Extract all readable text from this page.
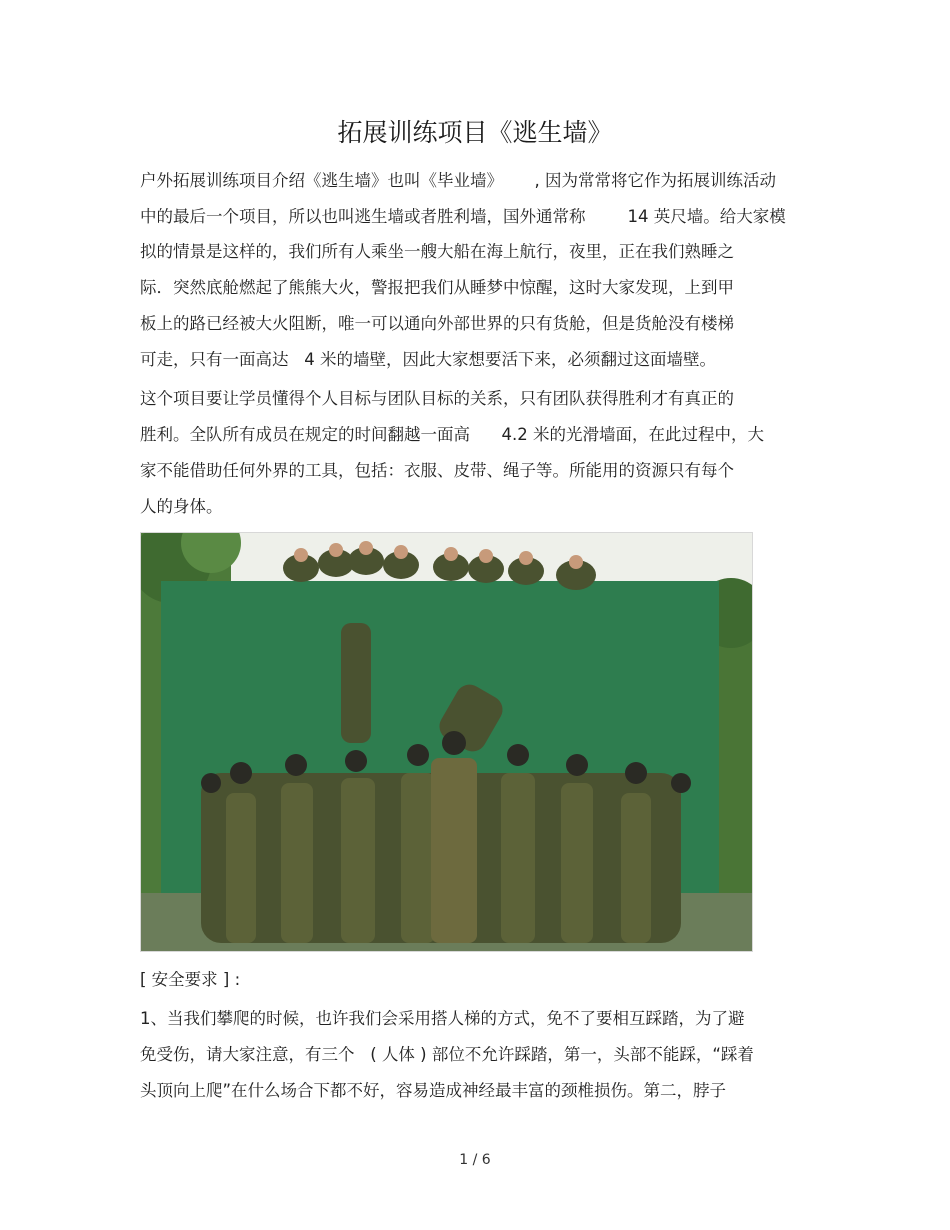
拓展训练项目《逃生墙》
户外拓展训练项目介绍《逃生墙》也叫《毕业墙》      , 因为常常将它作为拓展训练活动
中的最后一个项目，所以也叫逃生墙或者胜利墙，国外通常称        14 英尺墙。给大家模
拟的情景是这样的，我们所有人乘坐一艘大船在海上航行，夜里，正在我们熟睡之
际．突然底舱燃起了熊熊大火，警报把我们从睡梦中惊醒，这时大家发现，上到甲
板上的路已经被大火阻断，唯一可以通向外部世界的只有货舱，但是货舱没有楼梯
可走，只有一面高达   4 米的墙壁，因此大家想要活下来，必须翻过这面墙壁。
这个项目要让学员懂得个人目标与团队目标的关系，只有团队获得胜利才有真正的
胜利。全队所有成员在规定的时间翻越一面高      4.2 米的光滑墙面，在此过程中，大
家不能借助任何外界的工具，包括：衣服、皮带、绳子等。所能用的资源只有每个
人的身体。
[ 安全要求 ] :
1、当我们攀爬的时候，也许我们会采用搭人梯的方式，免不了要相互踩踏，为了避
免受伤，请大家注意，有三个   ( 人体 ) 部位不允许踩踏，第一，头部不能踩，“踩着
头顶向上爬”在什么场合下都不好，容易造成神经最丰富的颈椎损伤。第二，脖子
1 / 6
